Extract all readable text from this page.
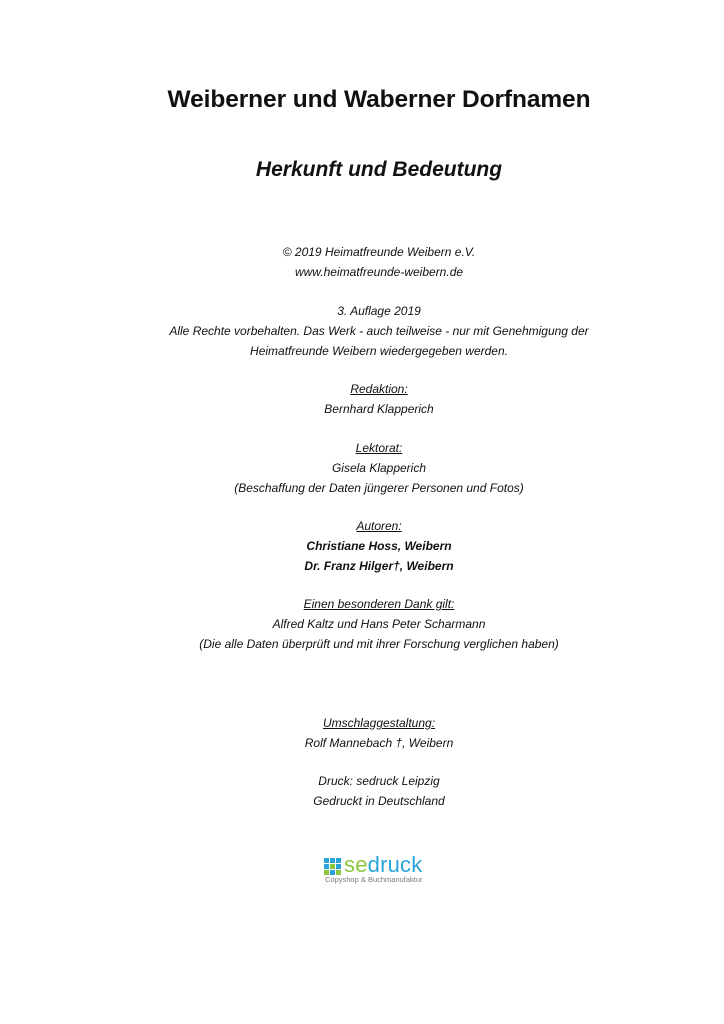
Weiberner und Waberner Dorfnamen
Herkunft und Bedeutung
© 2019 Heimatfreunde Weibern e.V.
www.heimatfreunde-weibern.de
3. Auflage 2019
Alle Rechte vorbehalten. Das Werk - auch teilweise - nur mit Genehmigung der
Heimatfreunde Weibern wiedergegeben werden.
Redaktion:
Bernhard Klapperich
Lektorat:
Gisela Klapperich
(Beschaffung der Daten jüngerer Personen und Fotos)
Autoren:
Christiane Hoss, Weibern
Dr. Franz Hilger†, Weibern
Einen besonderen Dank gilt:
Alfred Kaltz und Hans Peter Scharmann
(Die alle Daten überprüft und mit ihrer Forschung verglichen haben)
Umschlaggestaltung:
Rolf Mannebach †, Weibern
Druck: sedruck Leipzig
Gedruckt in Deutschland
sedruck
Copyshop & Buchmanufaktur
